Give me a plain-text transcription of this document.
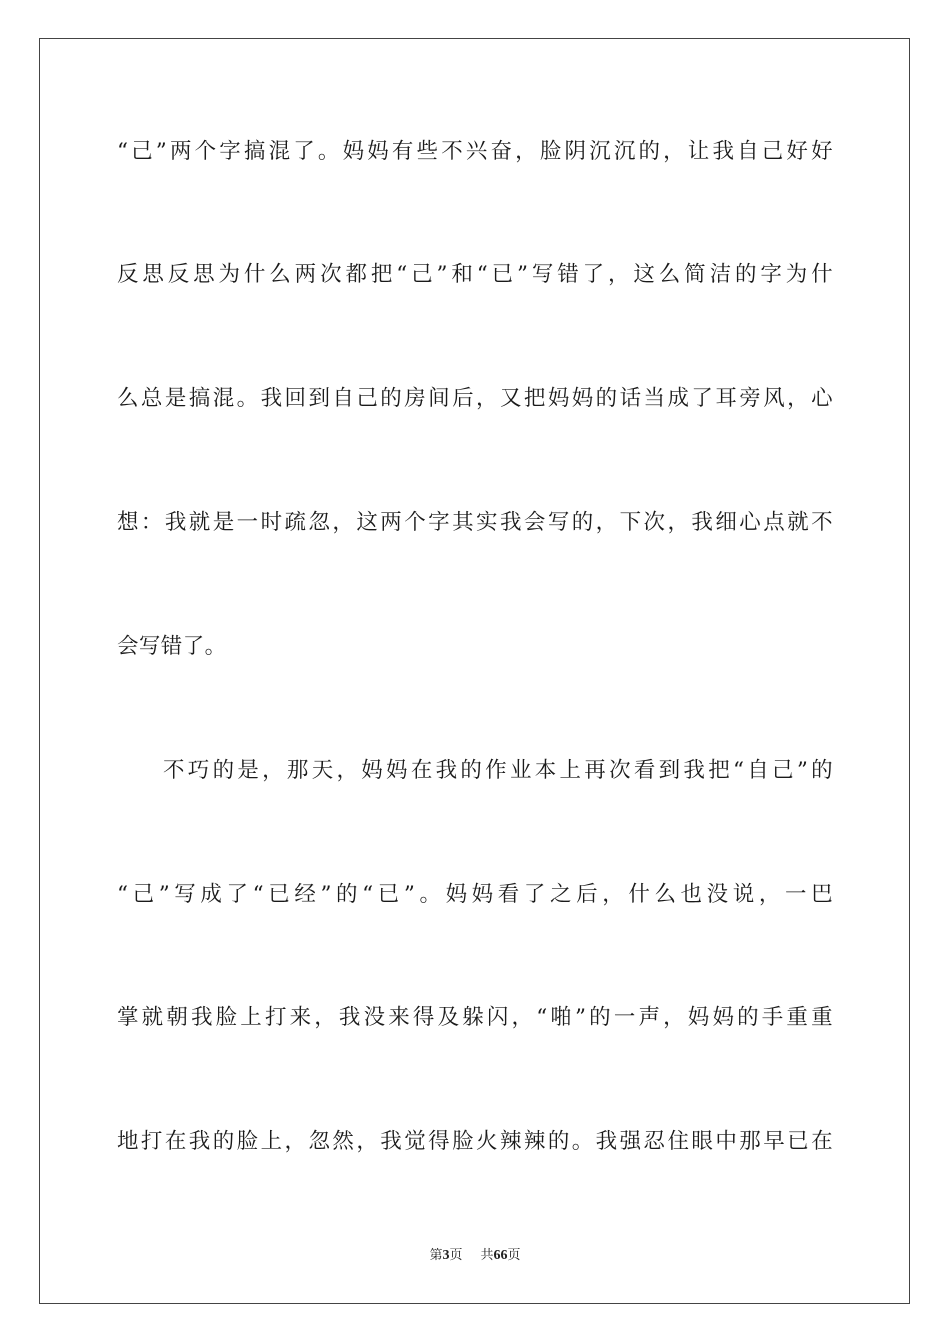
“己”两个字搞混了。妈妈有些不兴奋，脸阴沉沉的，让我自己好好
反思反思为什么两次都把“己”和“已”写错了，这么简洁的字为什
么总是搞混。我回到自己的房间后，又把妈妈的话当成了耳旁风，心
想：我就是一时疏忽，这两个字其实我会写的，下次，我细心点就不
会写错了。
不巧的是，那天，妈妈在我的作业本上再次看到我把“自己”的
“己”写成了“已经”的“已”。妈妈看了之后，什么也没说，一巴
掌就朝我脸上打来，我没来得及躲闪，“啪”的一声，妈妈的手重重
地打在我的脸上，忽然，我觉得脸火辣辣的。我强忍住眼中那早已在
第3页 共66页
